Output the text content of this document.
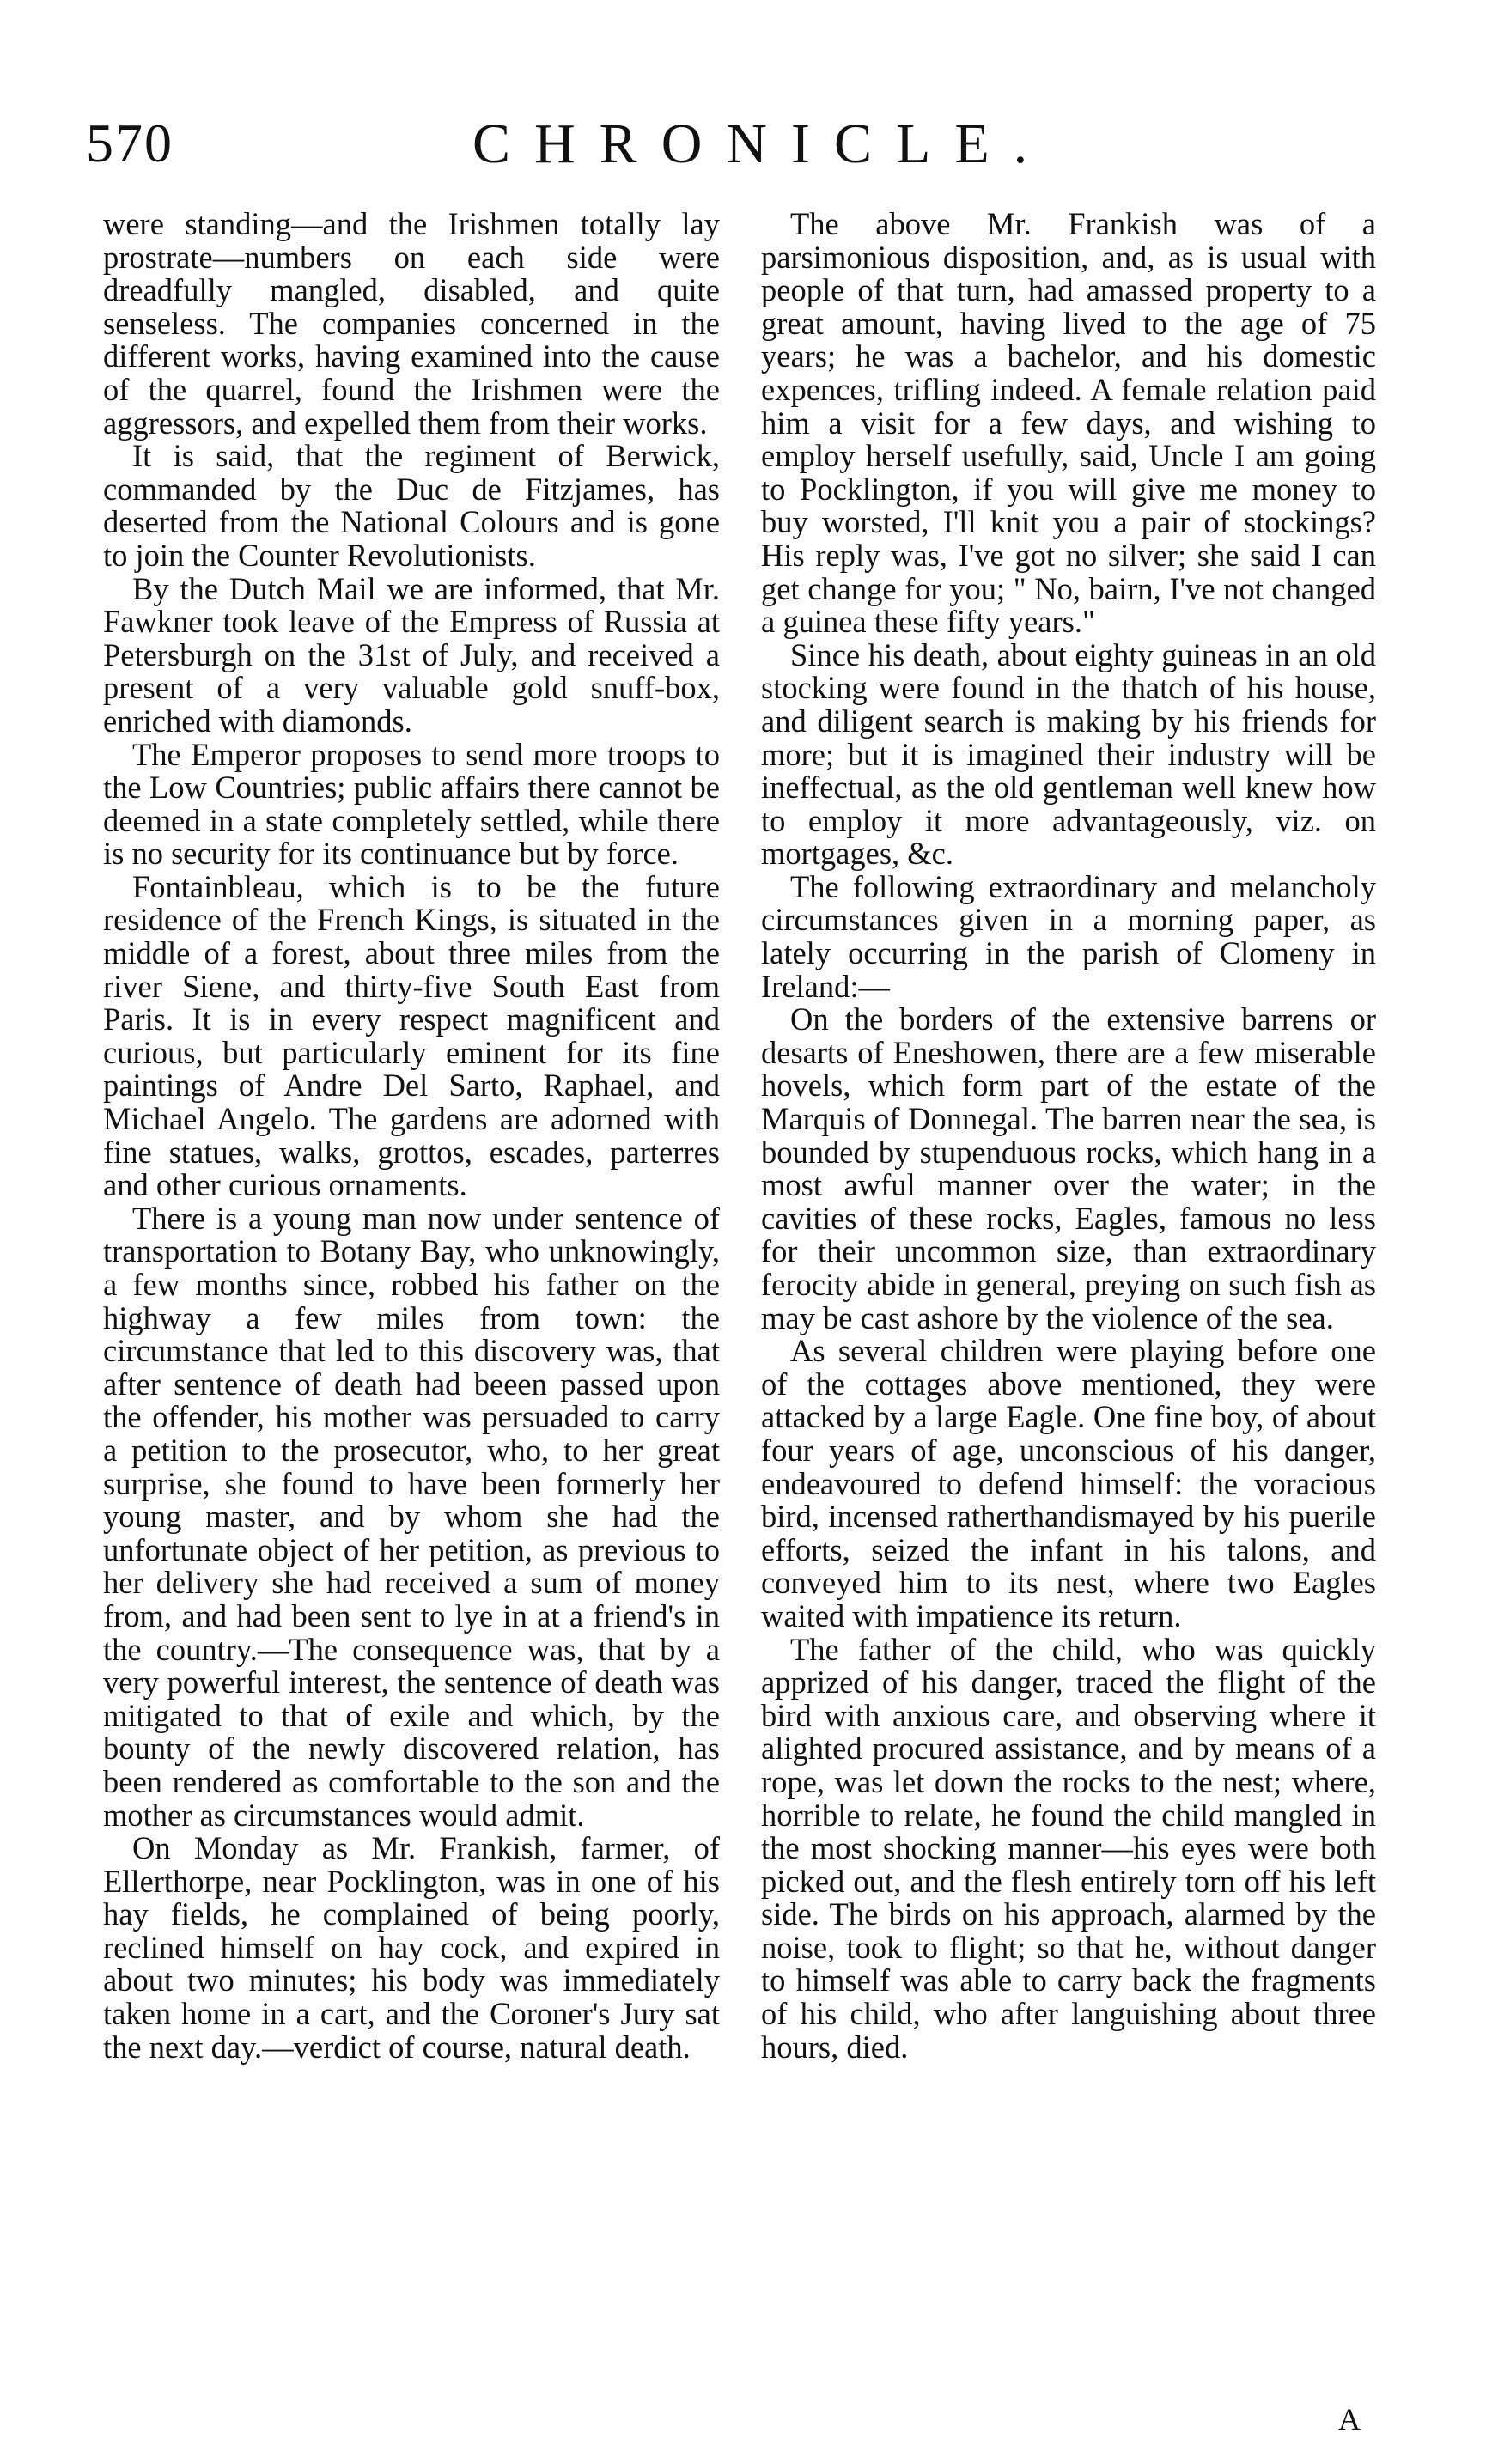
570	CHRONICLE.

were standing—and the Irishmen totally lay prostrate—numbers on each side were dreadfully mangled, disabled, and quite senseless. The companies concerned in the different works, having examined into the cause of the quarrel, found the Irishmen were the aggressors, and expelled them from their works.

It is said, that the regiment of Berwick, commanded by the Duc de Fitzjames, has deserted from the National Colours and is gone to join the Counter Revolutionists.

By the Dutch Mail we are informed, that Mr. Fawkner took leave of the Empress of Russia at Petersburgh on the 31st of July, and received a present of a very valuable gold snuff-box, enriched with diamonds.

The Emperor proposes to send more troops to the Low Countries; public affairs there cannot be deemed in a state completely settled, while there is no security for its continuance but by force.

Fontainbleau, which is to be the future residence of the French Kings, is situated in the middle of a forest, about three miles from the river Siene, and thirty-five South East from Paris. It is in every respect magnificent and curious, but particularly eminent for its fine paintings of Andre Del Sarto, Raphael, and Michael Angelo. The gardens are adorned with fine statues, walks, grottos, escades, parterres and other curious ornaments.

There is a young man now under sentence of transportation to Botany Bay, who unknowingly, a few months since, robbed his father on the highway a few miles from town: the circumstance that led to this discovery was, that after sentence of death had beeen passed upon the offender, his mother was persuaded to carry a petition to the prosecutor, who, to her great surprise, she found to have been formerly her young master, and by whom she had the unfortunate object of her petition, as previous to her delivery she had received a sum of money from, and had been sent to lye in at a friend's in the country.—The consequence was, that by a very powerful interest, the sentence of death was mitigated to that of exile and which, by the bounty of the newly discovered relation, has been rendered as comfortable to the son and the mother as circumstances would admit.

On Monday as Mr. Frankish, farmer, of Ellerthorpe, near Pocklington, was in one of his hay fields, he complained of being poorly, reclined himself on hay cock, and expired in about two minutes; his body was immediately taken home in a cart, and the Coroner's Jury sat the next day.—verdict of course, natural death.

The above Mr. Frankish was of a parsimonious disposition, and, as is usual with people of that turn, had amassed property to a great amount, having lived to the age of 75 years; he was a bachelor, and his domestic expences, trifling indeed. A female relation paid him a visit for a few days, and wishing to employ herself usefully, said, Uncle I am going to Pocklington, if you will give me money to buy worsted, I'll knit you a pair of stockings? His reply was, I've got no silver; she said I can get change for you; " No, bairn, I've not changed a guinea these fifty years."

Since his death, about eighty guineas in an old stocking were found in the thatch of his house, and diligent search is making by his friends for more; but it is imagined their industry will be ineffectual, as the old gentleman well knew how to employ it more advantageously, viz. on mortgages, &c.

The following extraordinary and melancholy circumstances given in a morning paper, as lately occurring in the parish of Clomeny in Ireland:—

On the borders of the extensive barrens or desarts of Eneshowen, there are a few miserable hovels, which form part of the estate of the Marquis of Donnegal. The barren near the sea, is bounded by stupenduous rocks, which hang in a most awful manner over the water; in the cavities of these rocks, Eagles, famous no less for their uncommon size, than extraordinary ferocity abide in general, preying on such fish as may be cast ashore by the violence of the sea.

As several children were playing before one of the cottages above mentioned, they were attacked by a large Eagle. One fine boy, of about four years of age, unconscious of his danger, endeavoured to defend himself: the voracious bird, incensed ratherthandismayed by his puerile efforts, seized the infant in his talons, and conveyed him to its nest, where two Eagles waited with impatience its return.

The father of the child, who was quickly apprized of his danger, traced the flight of the bird with anxious care, and observing where it alighted procured assistance, and by means of a rope, was let down the rocks to the nest; where, horrible to relate, he found the child mangled in the most shocking manner—his eyes were both picked out, and the flesh entirely torn off his left side. The birds on his approach, alarmed by the noise, took to flight; so that he, without danger to himself was able to carry back the fragments of his child, who after languishing about three hours, died.

A
